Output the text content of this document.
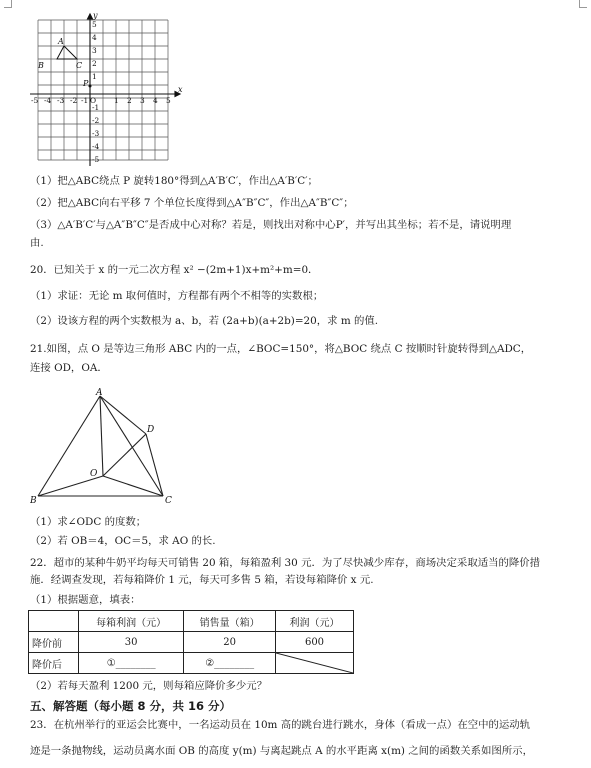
x
y
-5 -4 -3 -2 -1 O 1 2 3 4 5
5
4
3
2
1
-1
-2
-3
-4
-5
A
B	C
P
（1）把△ABC绕点 P 旋转180°得到△A′B′C′，作出△A′B′C′；
（2）把△ABC向右平移 7 个单位长度得到△A″B″C″，作出△A″B″C″；
（3）△A′B′C′与△A″B″C″是否成中心对称？若是，则找出对称中心P′，并写出其坐标；若不是，请说明理
由.
20．已知关于 x 的一元二次方程 x² −(2m+1)x+m²+m=0．
（1）求证：无论 m 取何值时，方程都有两个不相等的实数根；
（2）设该方程的两个实数根为 a、b，若 (2a+b)(a+2b)=20，求 m 的值.
21.如图，点 O 是等边三角形 ABC 内的一点，∠BOC=150°，将△BOC 绕点 C 按顺时针旋转得到△ADC，
连接 OD，OA．
A
B	C
D
O
（1）求∠ODC 的度数；
（2）若 OB＝4，OC＝5，求 AO 的长.
22．超市的某种牛奶平均每天可销售 20 箱，每箱盈利 30 元．为了尽快减少库存，商场决定采取适当的降价措
施．经调查发现，若每箱降价 1 元，每天可多售 5 箱，若设每箱降价 x 元.
（1）根据题意，填表：
	每箱利润（元）	销售量（箱）	利润（元）
降价前	30	20	600
降价后	①________	②________	
（2）若每天盈利 1200 元，则每箱应降价多少元？
五、解答题（每小题 8 分，共 16 分）
23．在杭州举行的亚运会比赛中，一名运动员在 10m 高的跳台进行跳水，身体（看成一点）在空中的运动轨
迹是一条抛物线，运动员离水面 OB 的高度 y(m) 与离起跳点 A 的水平距离 x(m) 之间的函数关系如图所示，
